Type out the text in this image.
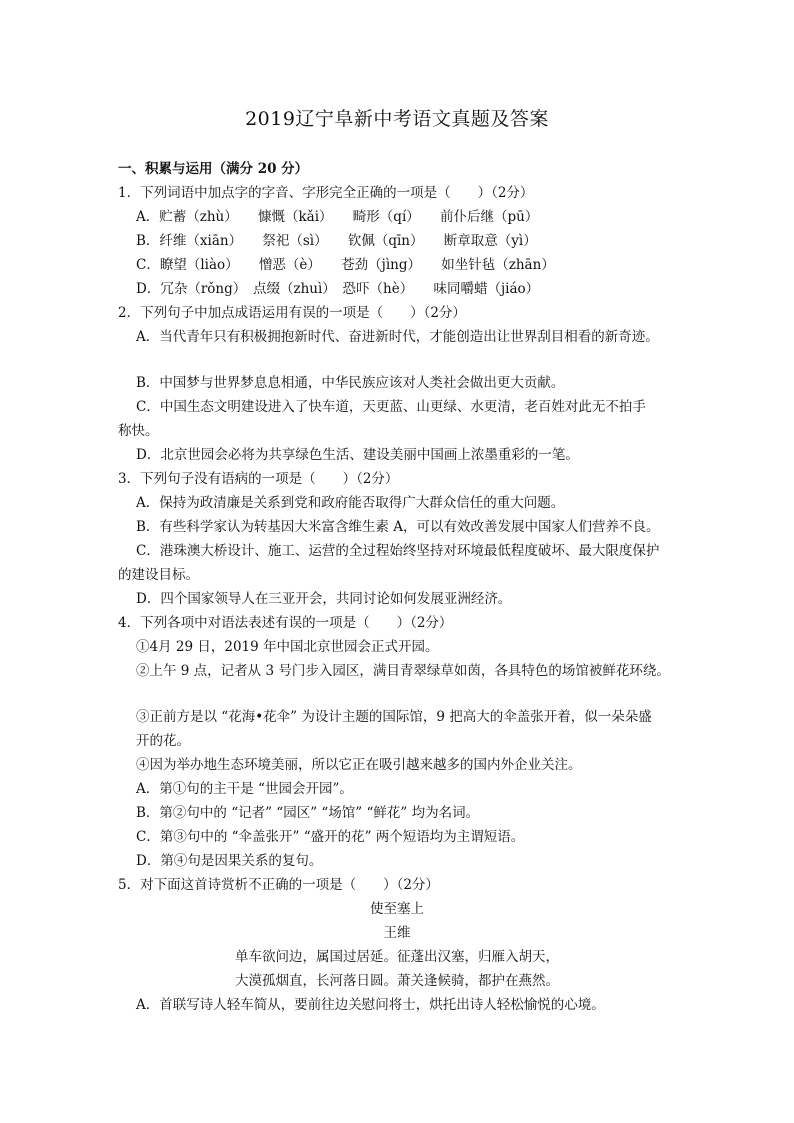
2019辽宁阜新中考语文真题及答案
一、积累与运用（满分 20 分）
1．下列词语中加点字的字音、字形完全正确的一项是（　　）（2分）
A．贮蓄（zhù）　　慷慨（kǎi）　　畸形（qí）　　前仆后继（pū）
B．纤维（xiān）　　祭祀（sì）　　钦佩（qīn）　　断章取意（yì）
C．瞭望（liào）　　憎恶（è）　　苍劲（jìng）　　如坐针毡（zhān）
D．冗杂（rǒng）　点缀（zhuì）　恐吓（hè）　　味同嚼蜡（jiáo）
2．下列句子中加点成语运用有误的一项是（　　）（2分）
A．当代青年只有积极拥抱新时代、奋进新时代，才能创造出让世界刮目相看的新奇迹。
B．中国梦与世界梦息息相通，中华民族应该对人类社会做出更大贡献。
C．中国生态文明建设进入了快车道，天更蓝、山更绿、水更清，老百姓对此无不拍手
称快。
D．北京世园会必将为共享绿色生活、建设美丽中国画上浓墨重彩的一笔。
3．下列句子没有语病的一项是（　　）（2分）
A．保持为政清廉是关系到党和政府能否取得广大群众信任的重大问题。
B．有些科学家认为转基因大米富含维生素 A，可以有效改善发展中国家人们营养不良。
C．港珠澳大桥设计、施工、运营的全过程始终坚持对环境最低程度破坏、最大限度保护
的建设目标。
D．四个国家领导人在三亚开会，共同讨论如何发展亚洲经济。
4．下列各项中对语法表述有误的一项是（　　）（2分）
①4月 29 日，2019 年中国北京世园会正式开园。
②上午 9 点，记者从 3 号门步入园区，满目青翠绿草如茵，各具特色的场馆被鲜花环绕。
③正前方是以 “花海•花伞” 为设计主题的国际馆，9 把高大的伞盖张开着，似一朵朵盛
开的花。
④因为举办地生态环境美丽，所以它正在吸引越来越多的国内外企业关注。
A．第①句的主干是 “世园会开园”。
B．第②句中的 “记者” “园区” “场馆” “鲜花” 均为名词。
C．第③句中的 “伞盖张开” “盛开的花” 两个短语均为主谓短语。
D．第④句是因果关系的复句。
5．对下面这首诗赏析不正确的一项是（　　）（2分）
使至塞上
王维
单车欲问边，属国过居延。征蓬出汉塞，归雁入胡天，
大漠孤烟直，长河落日圆。萧关逢候骑，都护在燕然。
A．首联写诗人轻车简从，要前往边关慰问将士，烘托出诗人轻松愉悦的心境。
